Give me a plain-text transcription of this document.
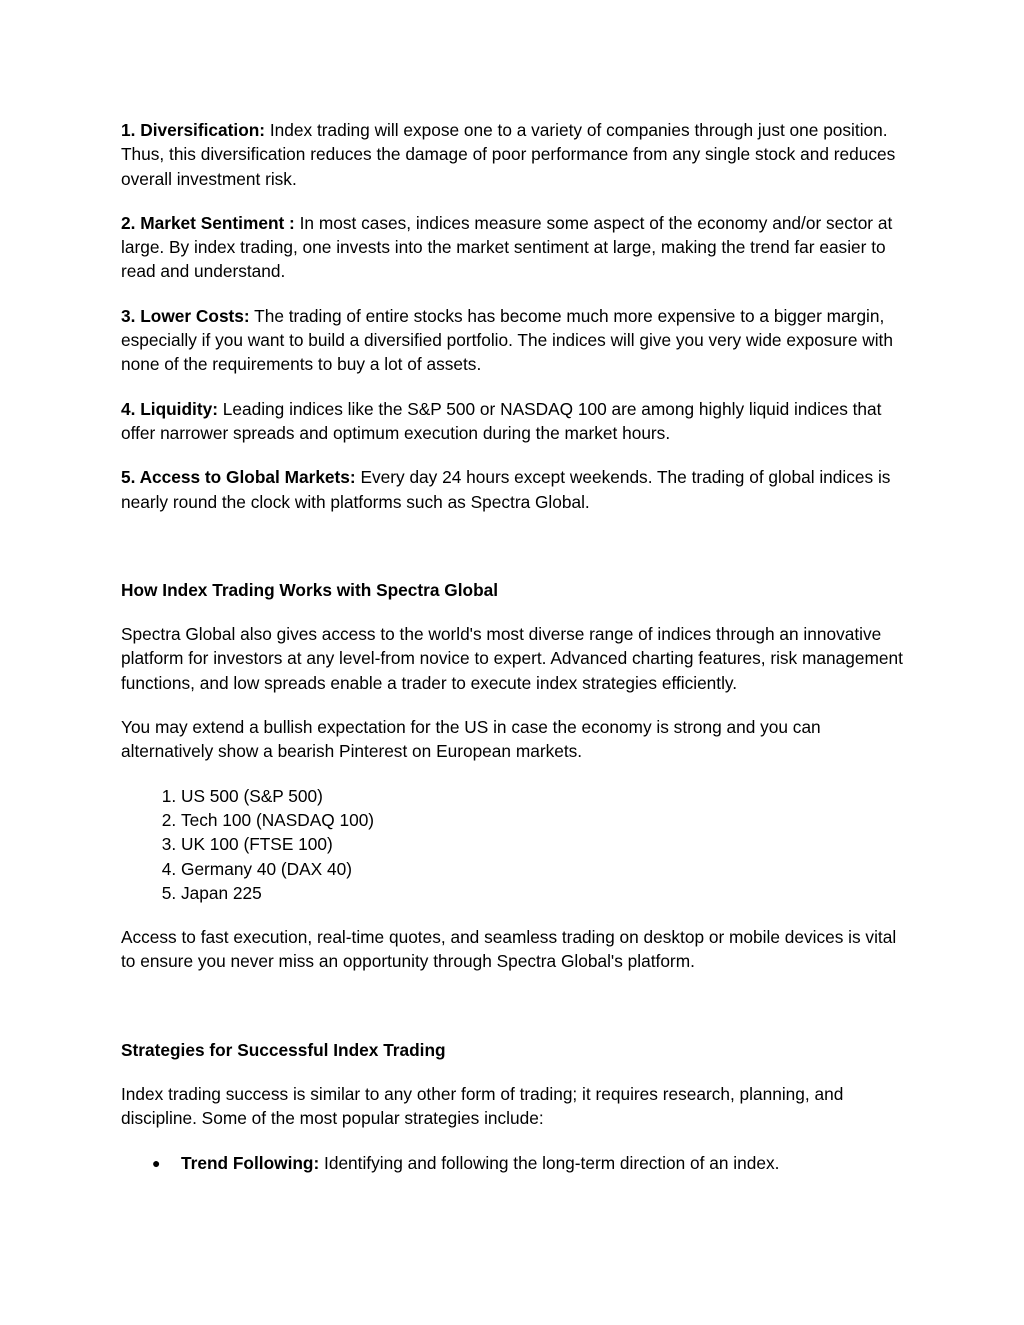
1. Diversification: Index trading will expose one to a variety of companies through just one position. Thus, this diversification reduces the damage of poor performance from any single stock and reduces overall investment risk.

2. Market Sentiment : In most cases, indices measure some aspect of the economy and/or sector at large. By index trading, one invests into the market sentiment at large, making the trend far easier to read and understand.

3. Lower Costs: The trading of entire stocks has become much more expensive to a bigger margin, especially if you want to build a diversified portfolio. The indices will give you very wide exposure with none of the requirements to buy a lot of assets.

4. Liquidity: Leading indices like the S&P 500 or NASDAQ 100 are among highly liquid indices that offer narrower spreads and optimum execution during the market hours.

5. Access to Global Markets: Every day 24 hours except weekends. The trading of global indices is nearly round the clock with platforms such as Spectra Global.

How Index Trading Works with Spectra Global

Spectra Global also gives access to the world's most diverse range of indices through an innovative platform for investors at any level-from novice to expert. Advanced charting features, risk management functions, and low spreads enable a trader to execute index strategies efficiently.

You may extend a bullish expectation for the US in case the economy is strong and you can alternatively show a bearish Pinterest on European markets.

1. US 500 (S&P 500)
2. Tech 100 (NASDAQ 100)
3. UK 100 (FTSE 100)
4. Germany 40 (DAX 40)
5. Japan 225

Access to fast execution, real-time quotes, and seamless trading on desktop or mobile devices is vital to ensure you never miss an opportunity through Spectra Global's platform.

Strategies for Successful Index Trading

Index trading success is similar to any other form of trading; it requires research, planning, and discipline. Some of the most popular strategies include:

● Trend Following: Identifying and following the long-term direction of an index.
